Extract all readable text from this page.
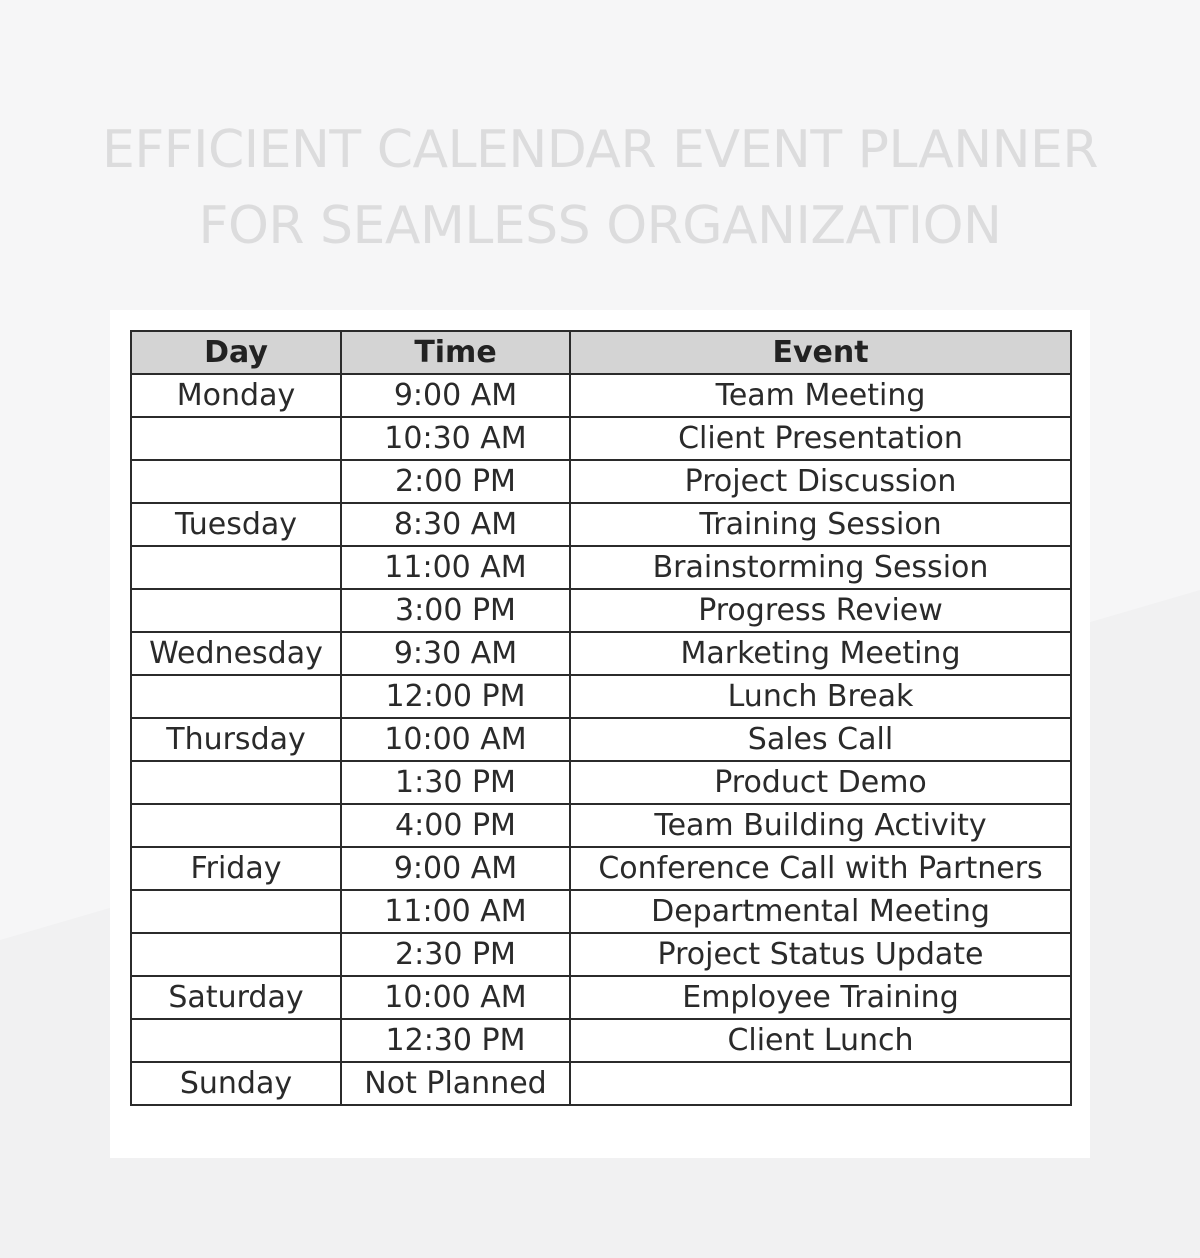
EFFICIENT CALENDAR EVENT PLANNER
FOR SEAMLESS ORGANIZATION
Day	Time	Event
Monday	9:00 AM	Team Meeting
	10:30 AM	Client Presentation
	2:00 PM	Project Discussion
Tuesday	8:30 AM	Training Session
	11:00 AM	Brainstorming Session
	3:00 PM	Progress Review
Wednesday	9:30 AM	Marketing Meeting
	12:00 PM	Lunch Break
Thursday	10:00 AM	Sales Call
	1:30 PM	Product Demo
	4:00 PM	Team Building Activity
Friday	9:00 AM	Conference Call with Partners
	11:00 AM	Departmental Meeting
	2:30 PM	Project Status Update
Saturday	10:00 AM	Employee Training
	12:30 PM	Client Lunch
Sunday	Not Planned	
